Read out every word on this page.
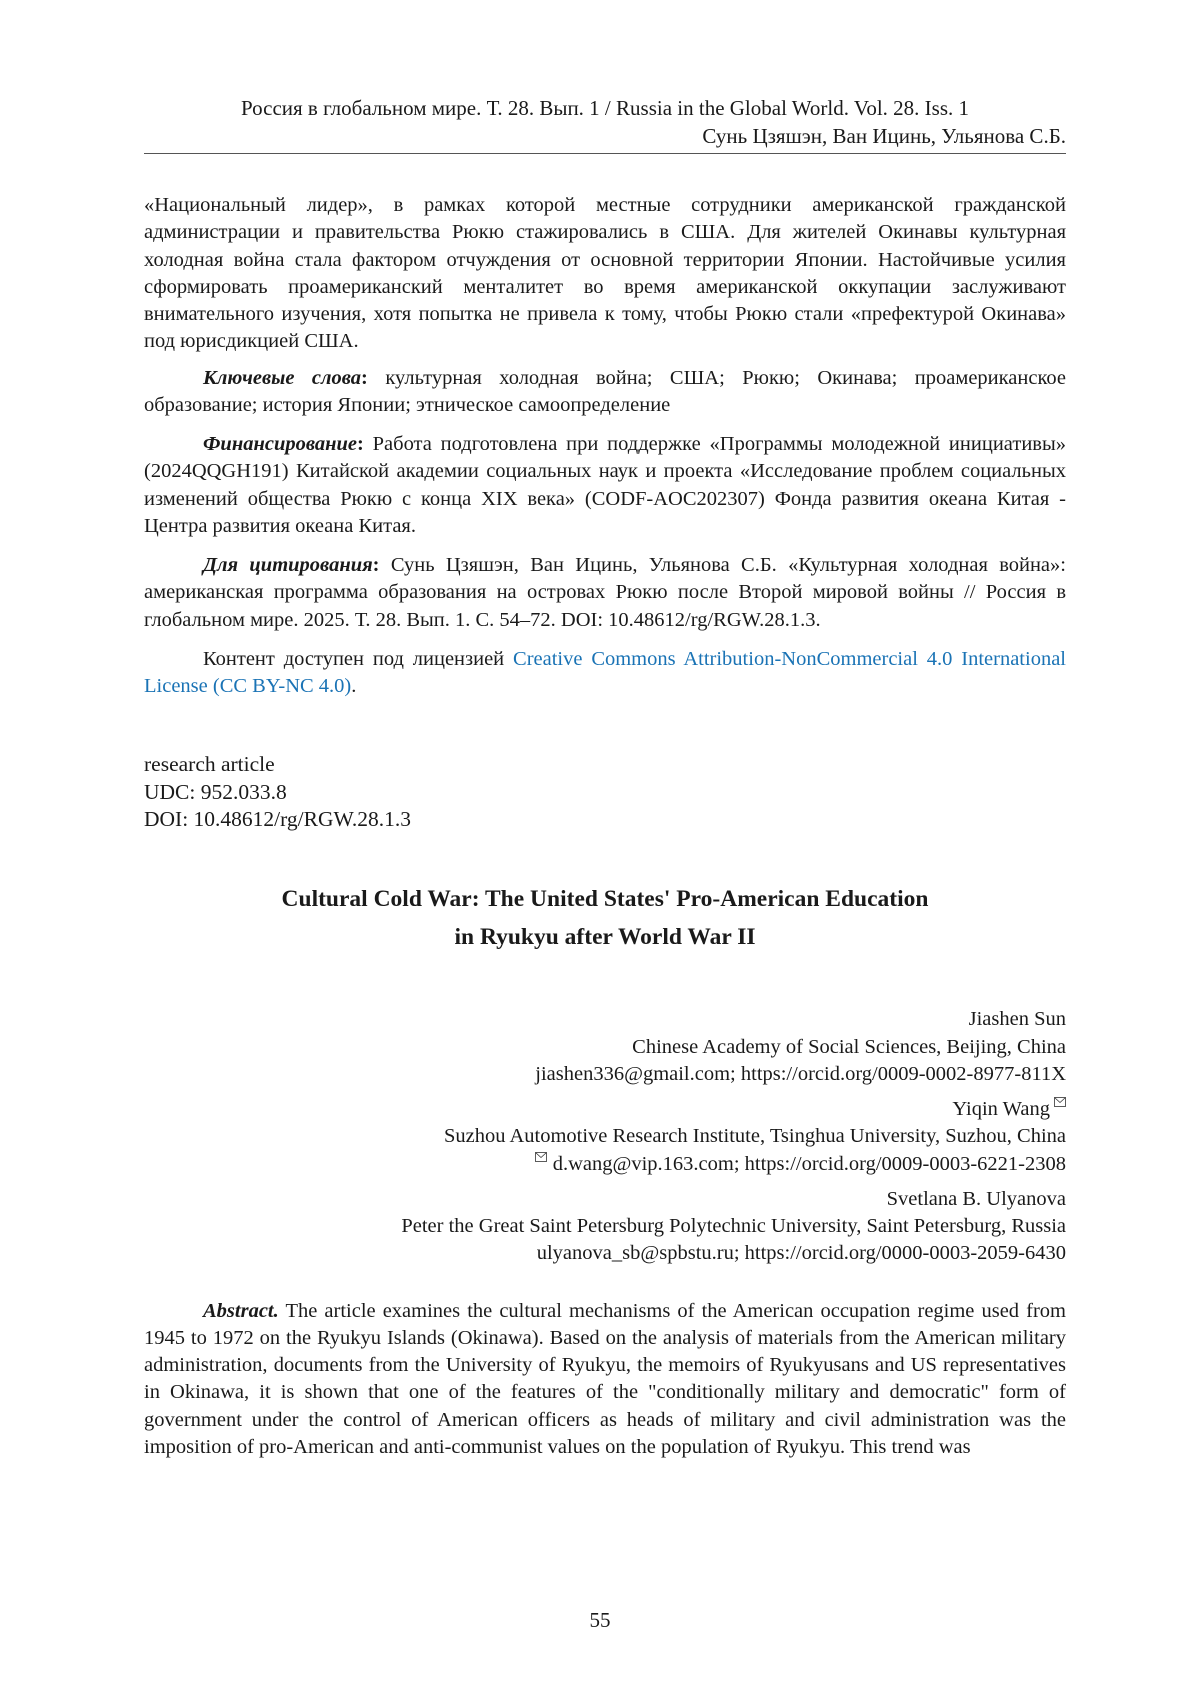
Россия в глобальном мире. Т. 28. Вып. 1 / Russia in the Global World. Vol. 28. Iss. 1
Сунь Цзяшэн, Ван Ицинь, Ульянова С.Б.

«Национальный лидер», в рамках которой местные сотрудники американской гражданской администрации и правительства Рюкю стажировались в США. Для жителей Окинавы культурная холодная война стала фактором отчуждения от основной территории Японии. Настойчивые усилия сформировать проамериканский менталитет во время американской оккупации заслуживают внимательного изучения, хотя попытка не привела к тому, чтобы Рюкю стали «префектурой Окинава» под юрисдикцией США.

Ключевые слова: культурная холодная война; США; Рюкю; Окинава; проамериканское образование; история Японии; этническое самоопределение

Финансирование: Работа подготовлена при поддержке «Программы молодежной инициативы» (2024QQGH191) Китайской академии социальных наук и проекта «Исследование проблем социальных изменений общества Рюкю с конца XIX века» (CODF-AOC202307) Фонда развития океана Китая - Центра развития океана Китая.

Для цитирования: Сунь Цзяшэн, Ван Ицинь, Ульянова С.Б. «Культурная холодная война»: американская программа образования на островах Рюкю после Второй мировой войны // Россия в глобальном мире. 2025. Т. 28. Вып. 1. С. 54–72. DOI: 10.48612/rg/RGW.28.1.3.

Контент доступен под лицензией Creative Commons Attribution-NonCommercial 4.0 International License (CC BY-NC 4.0).

research article
UDC: 952.033.8
DOI: 10.48612/rg/RGW.28.1.3
Cultural Cold War: The United States' Pro-American Education
in Ryukyu after World War II
Jiashen Sun
Chinese Academy of Social Sciences, Beijing, China
jiashen336@gmail.com; https://orcid.org/0009-0002-8977-811X
Yiqin Wang
Suzhou Automotive Research Institute, Tsinghua University, Suzhou, China
d.wang@vip.163.com; https://orcid.org/0009-0003-6221-2308
Svetlana B. Ulyanova
Peter the Great Saint Petersburg Polytechnic University, Saint Petersburg, Russia
ulyanova_sb@spbstu.ru; https://orcid.org/0000-0003-2059-6430

Abstract. The article examines the cultural mechanisms of the American occupation regime used from 1945 to 1972 on the Ryukyu Islands (Okinawa). Based on the analysis of materials from the American military administration, documents from the University of Ryukyu, the memoirs of Ryukyusans and US representatives in Okinawa, it is shown that one of the features of the "conditionally military and democratic" form of government under the control of American officers as heads of military and civil administration was the imposition of pro-American and anti-communist values on the population of Ryukyu. This trend was

55
